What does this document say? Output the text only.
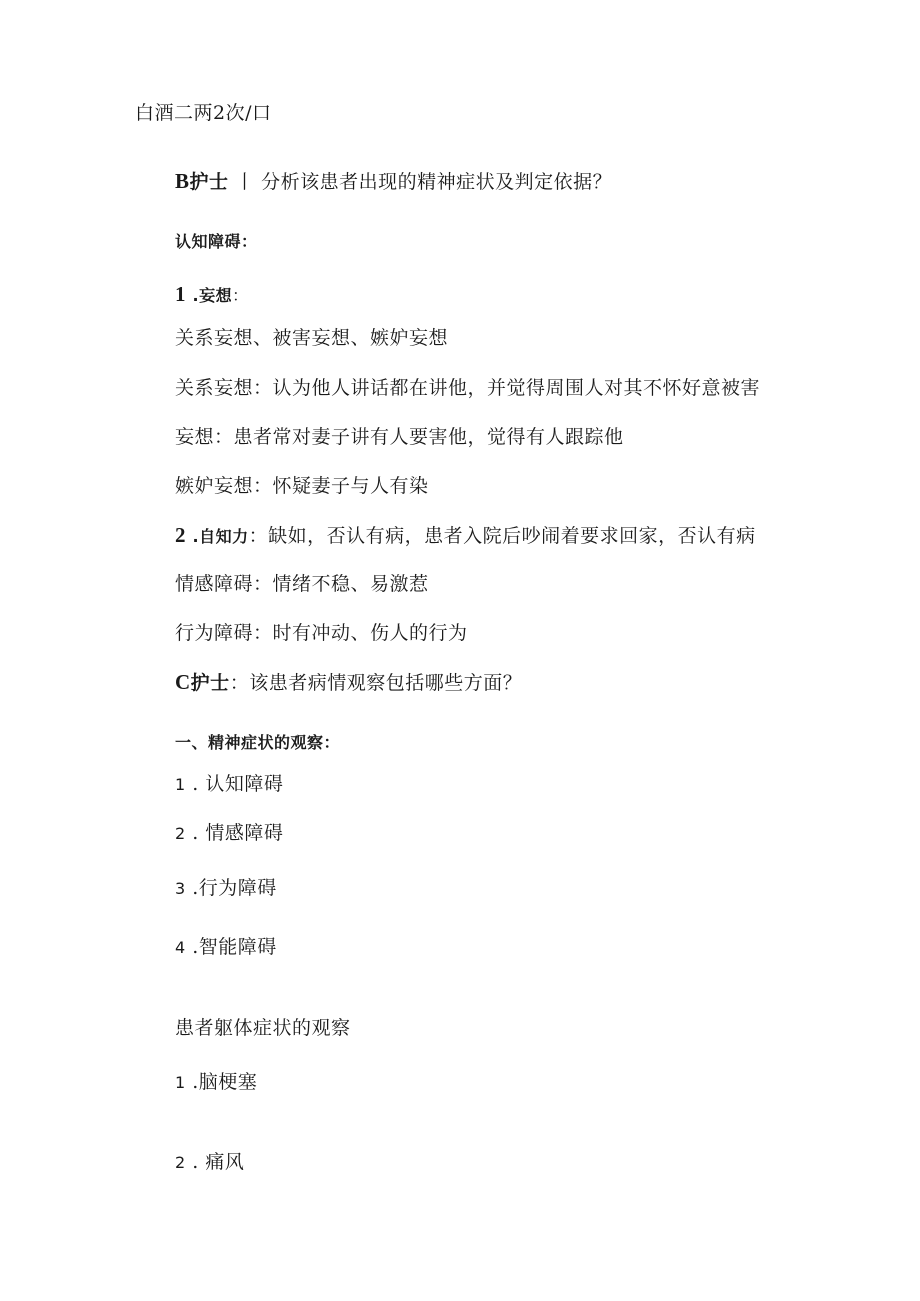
白酒二两2次/口
B护士 丨 分析该患者出现的精神症状及判定依据？
认知障碍：
1 .妄想：
关系妄想、被害妄想、嫉妒妄想
关系妄想：认为他人讲话都在讲他，并觉得周围人对其不怀好意被害
妄想：患者常对妻子讲有人要害他，觉得有人跟踪他
嫉妒妄想：怀疑妻子与人有染
2 .自知力：缺如，否认有病，患者入院后吵闹着要求回家，否认有病
情感障碍：情绪不稳、易激惹
行为障碍：时有冲动、伤人的行为
C护士：该患者病情观察包括哪些方面？
一、精神症状的观察：
1 . 认知障碍
2 . 情感障碍
3 .行为障碍
4 .智能障碍
患者躯体症状的观察
1 .脑梗塞
2 . 痛风
